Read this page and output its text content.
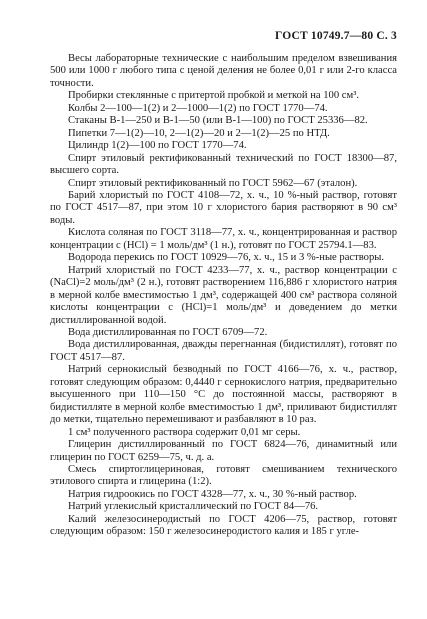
ГОСТ 10749.7—80 С. 3

Весы лабораторные технические с наибольшим пределом взвешивания 500 или 1000 г любого типа с ценой деления не более 0,01 г или 2-го класса точности.

Пробирки стеклянные с притертой пробкой и меткой на 100 см³.

Колбы 2—100—1(2) и 2—1000—1(2) по ГОСТ 1770—74.

Стаканы В-1—250 и В-1—50 (или В-1—100) по ГОСТ 25336—82.

Пипетки 7—1(2)—10, 2—1(2)—20 и 2—1(2)—25 по НТД.

Цилиндр 1(2)—100 по ГОСТ 1770—74.

Спирт этиловый ректификованный технический по ГОСТ 18300—87, высшего сорта.

Спирт этиловый ректификованный по ГОСТ 5962—67 (эталон).

Барий хлористый по ГОСТ 4108—72, х. ч., 10 %-ный раствор, готовят по ГОСТ 4517—87, при этом 10 г хлористого бария растворяют в 90 см³ воды.

Кислота соляная по ГОСТ 3118—77, х. ч., концентрированная и раствор концентрации с (HCl) = 1 моль/дм³ (1 н.), готовят по ГОСТ 25794.1—83.

Водорода перекись по ГОСТ 10929—76, х. ч., 15 и 3 %-ные растворы.

Натрий хлористый по ГОСТ 4233—77, х. ч., раствор концентрации с (NaCl)=2 моль/дм³ (2 н.), готовят растворением 116,886 г хлористого натрия в мерной колбе вместимостью 1 дм³, содержащей 400 см³ раствора соляной кислоты концентрации с (HCl)=1 моль/дм³ и доведением до метки дистиллированной водой.

Вода дистиллированная по ГОСТ 6709—72.

Вода дистиллированная, дважды перегнанная (бидистиллят), готовят по ГОСТ 4517—87.

Натрий сернокислый безводный по ГОСТ 4166—76, х. ч., раствор, готовят следующим образом: 0,4440 г сернокислого натрия, предварительно высушенного при 110—150 °С до постоянной массы, растворяют в бидистилляте в мерной колбе вместимостью 1 дм³, приливают бидистиллят до метки, тщательно перемешивают и разбавляют в 10 раз.

1 см³ полученного раствора содержит 0,01 мг серы.

Глицерин дистиллированный по ГОСТ 6824—76, динамитный или глицерин по ГОСТ 6259—75, ч. д. а.

Смесь спиртоглицериновая, готовят смешиванием технического этилового спирта и глицерина (1:2).

Натрия гидроокись по ГОСТ 4328—77, х. ч., 30 %-ный раствор.

Натрий углекислый кристаллический по ГОСТ 84—76.

Калий железосинеродистый по ГОСТ 4206—75, раствор, готовят следующим образом: 150 г железосинеродистого калия и 185 г угле-
